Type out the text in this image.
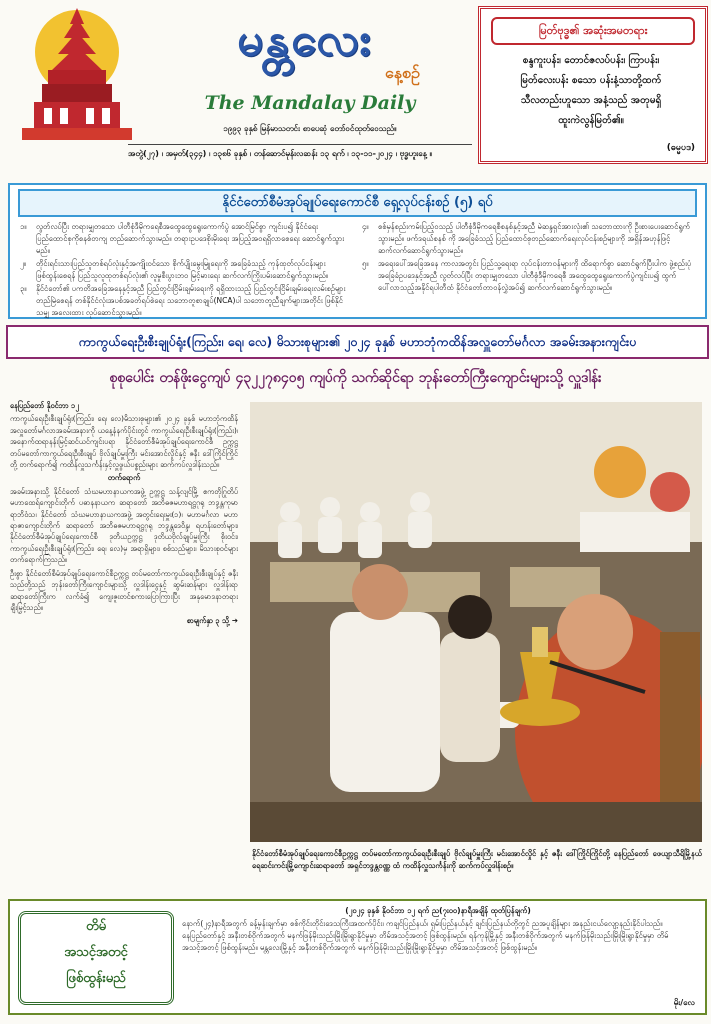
မန္တလေး
နေ့စဉ်
The Mandalay Daily
၁၉၉၃ ခုနှစ် မြန်မာသတင်း စာပေဆုံ တော်ဝင်ထုတ်ဝေသည်။
အတွဲ(၂၇) ၊ အမှတ်(၃၄၄) ၊ ၁၃၈၆ ခုနှစ် ၊ တန်ဆောင်မုန်းလဆန်း ၁၃ ရက် ၊ ၁၃-၁၁-၂၀၂၄ ၊ ဗုဒ္ဓဟူးနေ့ ။
မြတ်ဗုဒ္ဓ၏ အဆုံးအမတရား
စန္ဒကူးပန်း၊ တောင်ဇလပ်ပန်း၊ ကြာပန်း၊
မြတ်လေးပန်း စသော ပန်းနံ့သာတို့ထက်
သီလတည်းဟူသော အနံ့သည် အတုမရှိ
ထူးကဲလွန်မြတ်၏။
(ဓမ္မပဒ)
နိုင်ငံတော်စီမံအုပ်ချုပ်ရေးကောင်စီ ရှေ့လုပ်ငန်းစဉ် (၅) ရပ်
၁။ လွတ်လပ်ပြီး တရားမျှတသော ပါတီစုံဒီမိုကရေစီအထွေထွေရွေးကောက်ပွဲ အောင်မြင်စွာ ကျင်းပ၍ နိုင်ငံရေးပြည်ထောင်စုကိုစနစ်တကျ တည်ဆောက်သွားမည်။ တရားဥပဒေစိုးမိုးရေး အပြည့်အဝရရှိလာစေရေး ဆောင်ရွက်သွားမည်။
၂။ တိုင်းရင်းသားပြည်သူတစ်ရပ်လုံးနှင့်အကျိုးဝင်သော စိုက်ပျိုးမွေးမြူရေးကို အခြေခံသည့် ကုန်ထုတ်လုပ်ငန်းများ ဖြစ်ထွန်းစေရန် ပြည်သူလူထုတစ်ရပ်လုံး၏ လူမှုစီးပွားဘဝ မြင့်မားရေး ဆက်လက်ကြိုးပမ်းဆောင်ရွက်သွားမည်။
၃။ နိုင်ငံတော်၏ ပကတိအခြေအနေနှင့်အညီ ပြည်တွင်းငြိမ်းချမ်းရေးကို ရရှိထားသည့် ပြည်တွင်းငြိမ်းချမ်းရေးလမ်းစဉ်များ တည်မြဲစေရန် တစ်နိုင်ငံလုံးအပစ်အခတ်ရပ်စဲရေး သဘောတူစာချုပ်(NCA)ပါ သဘောတူညီချက်များအတိုင်း ဖြစ်နိုင်သမျှ အလေးထား လုပ်ဆောင်သွားမည်။
၄။ စစ်မှန်စည်းကမ်းပြည့်ဝသည့် ပါတီစုံဒီမိုကရေစီစနစ်နှင့်အညီ မဲဆန္ဒရှင်အားလုံး၏ သဘောထားကို ဦးစားပေးဆောင်ရွက်သွားမည်။ ဖက်ဒရယ်စနစ် ကို အခြေခံသည့် ပြည်ထောင်စုတည်ဆောက်ရေးလုပ်ငန်းစဉ်များကို အရှိန်အဟုန်ဖြင့် ဆက်လက်ဆောင်ရွက်သွားမည်။
၅။ အရေးပေါ်အခြေအနေ ကာလအတွင်း ပြည်သူ့ရေးရာ လုပ်ငန်းတာဝန်များကို ထိရောက်စွာ ဆောင်ရွက်ပြီးပါက ဖွဲ့စည်းပုံအခြေခံဥပဒေနှင့်အညီ လွတ်လပ်ပြီး တရားမျှတသော ပါတီစုံဒီမိုကရေစီ အထွေထွေရွေးကောက်ပွဲကျင်းပ၍ ထွက်ပေါ်လာသည့်အနိုင်ရပါတီထံ နိုင်ငံတော်တာဝန်လွှဲအပ်၍ ဆက်လက်ဆောင်ရွက်သွားမည်။
ကာကွယ်ရေးဦးစီးချုပ်ရုံး(ကြည်း၊ ရေ၊ လေ) မိသားစုများ၏ ၂၀၂၄ ခုနှစ် မဟာဘုံကထိန်အလှူတော်မင်္ဂလာ အခမ်းအနားကျင်းပ
စုစုပေါင်း တန်ဖိုးငွေကျပ် ၄၃၂၂၇၈၄၀၅ ကျပ်ကို သက်ဆိုင်ရာ ဘုန်းတော်ကြီးကျောင်းများသို့ လှူဒါန်း

နေပြည်တော် နိုဝင်ဘာ ၁၂

ကာကွယ်ရေးဦးစီးချုပ်ရုံး(ကြည်း၊ ရေ၊ လေ)မိသားစုများ၏ ၂၀၂၄ ခုနှစ် မဟာဘုံကထိန်အလှူတော်မင်္ဂလာအခမ်းအနားကို ယနေ့နံနက်ပိုင်းတွင် ကာကွယ်ရေးဦးစီးချုပ်ရုံး(ကြည်း)၊ အနောက်ထရာနန်းမြင့်ဆင်ယင်ကျင်းပရာ နိုင်ငံတော်စီမံအုပ်ချုပ်ရေးကောင်စီ ဥက္ကဋ္ဌ တပ်မတော်ကာကွယ်ရေးဦးစီးချုပ် ဗိုလ်ချုပ်မှူးကြီး မင်းအောင်လှိုင်နှင့် ဇနီး ဒေါ်ကြိုင်ကြိုင်တို့ တက်ရောက်၍ ကထိန်လှူသင်္ကန်းနှင့်လှူဖွယ်ပစ္စည်းများ ဆက်ကပ်လှူဒါန်းသည်။

တက်ရောက်

အခမ်းအနားသို့ နိုင်ငံတော် သံဃမဟာနာယကအဖွဲ့ ဥက္ကဋ္ဌ သန့်လျင်မြို့ ဧကတိုဂြုတိပ်မဟာထေရ်ကျောင်းတိုက် ပဓာနနာယက ဆရာတော် အဘိဓဇမဟာရဋ္ဌဂုရု ဘဒ္ဒန္တကုမာရာဘိဝံသ၊ နိုင်ငံတော် သံဃမဟာနာယကအဖွဲ့ အတွင်းရေးမှူး(၁)၊ မဟာမင်္ဂလာ မဟာရာဇာကျောင်းတိုက် ဆရာတော် အဘိဓဇမဟာရဋ္ဌဂုရု ဘဒ္ဒန္တဒေဝိန္ဒ၊ ရဟန်းတော်များ၊ နိုင်ငံတော်စီမံအုပ်ချုပ်ရေးကောင်စီ ဒုတိယဥက္ကဋ္ဌ ဒုတိယဗိုလ်ချုပ်မှူးကြီး စိုးဝင်း၊ ကာကွယ်ရေးဦးစီးချုပ်ရုံး(ကြည်း၊ ရေ၊ လေ)မှ အရာရှိများ၊ စစ်သည်များ၊ မိသားစုဝင်များ တက်ရောက်ကြသည်။

ဦးစွာ နိုင်ငံတော်စီမံအုပ်ချုပ်ရေးကောင်စီဥက္ကဋ္ဌ တပ်မတော်ကာကွယ်ရေးဦးစီးချုပ်နှင့် ဇနီးသည်တို့သည် ဘုန်းတော်ကြီးကျောင်းများသို့ လှူဒါန်းငွေနှင့် ဆွမ်းဆန်များ လှူဒါန်းရာ ဆရာတော်ကြီးက လက်ခံ၍ ကျေးဇူးတင်စကားပြောကြားပြီး အနုမောဒနာတရားချီးမြှင့်သည်။

စာမျက်နှာ ၃ သို့ ➔

နိုင်ငံတော်စီမံအုပ်ချုပ်ရေးကောင်စီဥက္ကဋ္ဌ တပ်မတော်ကာကွယ်ရေးဦးစီးချုပ် ဗိုလ်ချုပ်မှူးကြီး မင်းအောင်လှိုင် နှင့် ဇနီး ဒေါ်ကြိုင်ကြိုင်တို့ နေပြည်တော် ဖေယျာသီရိမြို့နယ် ရေဆင်းကင်းမြို့ကျောင်းဆရာတော် အရှင်ဘဒ္ဒန္တဝဏ္ဏ ထံ ကထိန်လှူသင်္ကန်းကို ဆက်ကပ်လှူဒါန်းစဉ်။
တိမ်
အသင့်အတင့်
ဖြစ်ထွန်းမည်
(၂၀၂၄ ခုနှစ် နိုဝင်ဘာ ၁၂ ရက် ည(၇း၀၀)နာရီအချိန် ထုတ်ပြန်ချက်)
နောက်(၂၄)နာရီအတွက် ခန့်မှန်းချက်မှာ စစ်ကိုင်းတိုင်းဒေသကြီးအထက်ပိုင်း၊ ကချင်ပြည်နယ်၊ ရှမ်းပြည်နယ်နှင့် ချင်းပြည်နယ်တို့တွင် ညအပူချိန်များ အနည်းငယ်လျော့နည်းနိုင်ပါသည်။ နေပြည်တော်နှင့် အနီးတစ်ဝိုက်အတွက် မနက်ဖြန်မိုးသည်းမြိုးမြိုးရွာနိုင်မှုမှာ တိမ်အသင့်အတင့် ဖြစ်ထွန်းမည်။ ရန်ကုန်မြို့နှင့် အနီးတစ်ဝိုက်အတွက် မနက်ဖြန်မိုးသည်းမြိုးမြိုးရွာနိုင်မှုမှာ တိမ်အသင့်အတင့် ဖြစ်ထွန်းမည်။ မန္တလေးမြို့နှင့် အနီးတစ်ဝိုက်အတွက် မနက်ဖြန်မိုးသည်းမြိုးမြိုးရွာနိုင်မှုမှာ တိမ်အသင့်အတင့် ဖြစ်ထွန်းမည်။
မိုး/လေ
